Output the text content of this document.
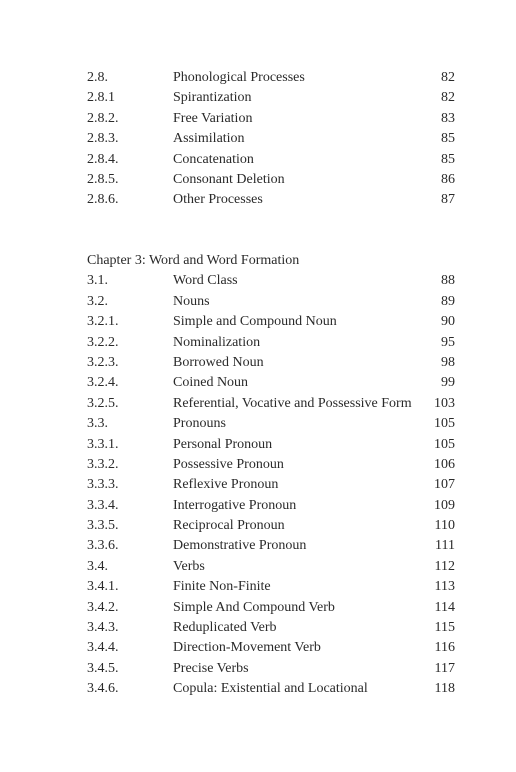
2.8.	Phonological Processes	82
2.8.1	Spirantization	82
2.8.2.	Free Variation	83
2.8.3.	Assimilation	85
2.8.4.	Concatenation	85
2.8.5.	Consonant Deletion	86
2.8.6.	Other Processes	87
Chapter 3: Word and Word Formation
3.1.	Word Class	88
3.2.	Nouns	89
3.2.1.	Simple and Compound Noun	90
3.2.2.	Nominalization	95
3.2.3.	Borrowed Noun	98
3.2.4.	Coined Noun	99
3.2.5.	Referential, Vocative and Possessive Form 103
3.3.	Pronouns	105
3.3.1.	Personal Pronoun	105
3.3.2.	Possessive Pronoun	106
3.3.3.	Reflexive Pronoun	107
3.3.4.	Interrogative Pronoun	109
3.3.5.	Reciprocal Pronoun	110
3.3.6.	Demonstrative Pronoun	111
3.4.	Verbs	112
3.4.1.	Finite Non-Finite	113
3.4.2.	Simple And Compound Verb	114
3.4.3.	Reduplicated Verb	115
3.4.4.	Direction-Movement Verb	116
3.4.5.	Precise Verbs	117
3.4.6.	Copula: Existential and Locational	118
